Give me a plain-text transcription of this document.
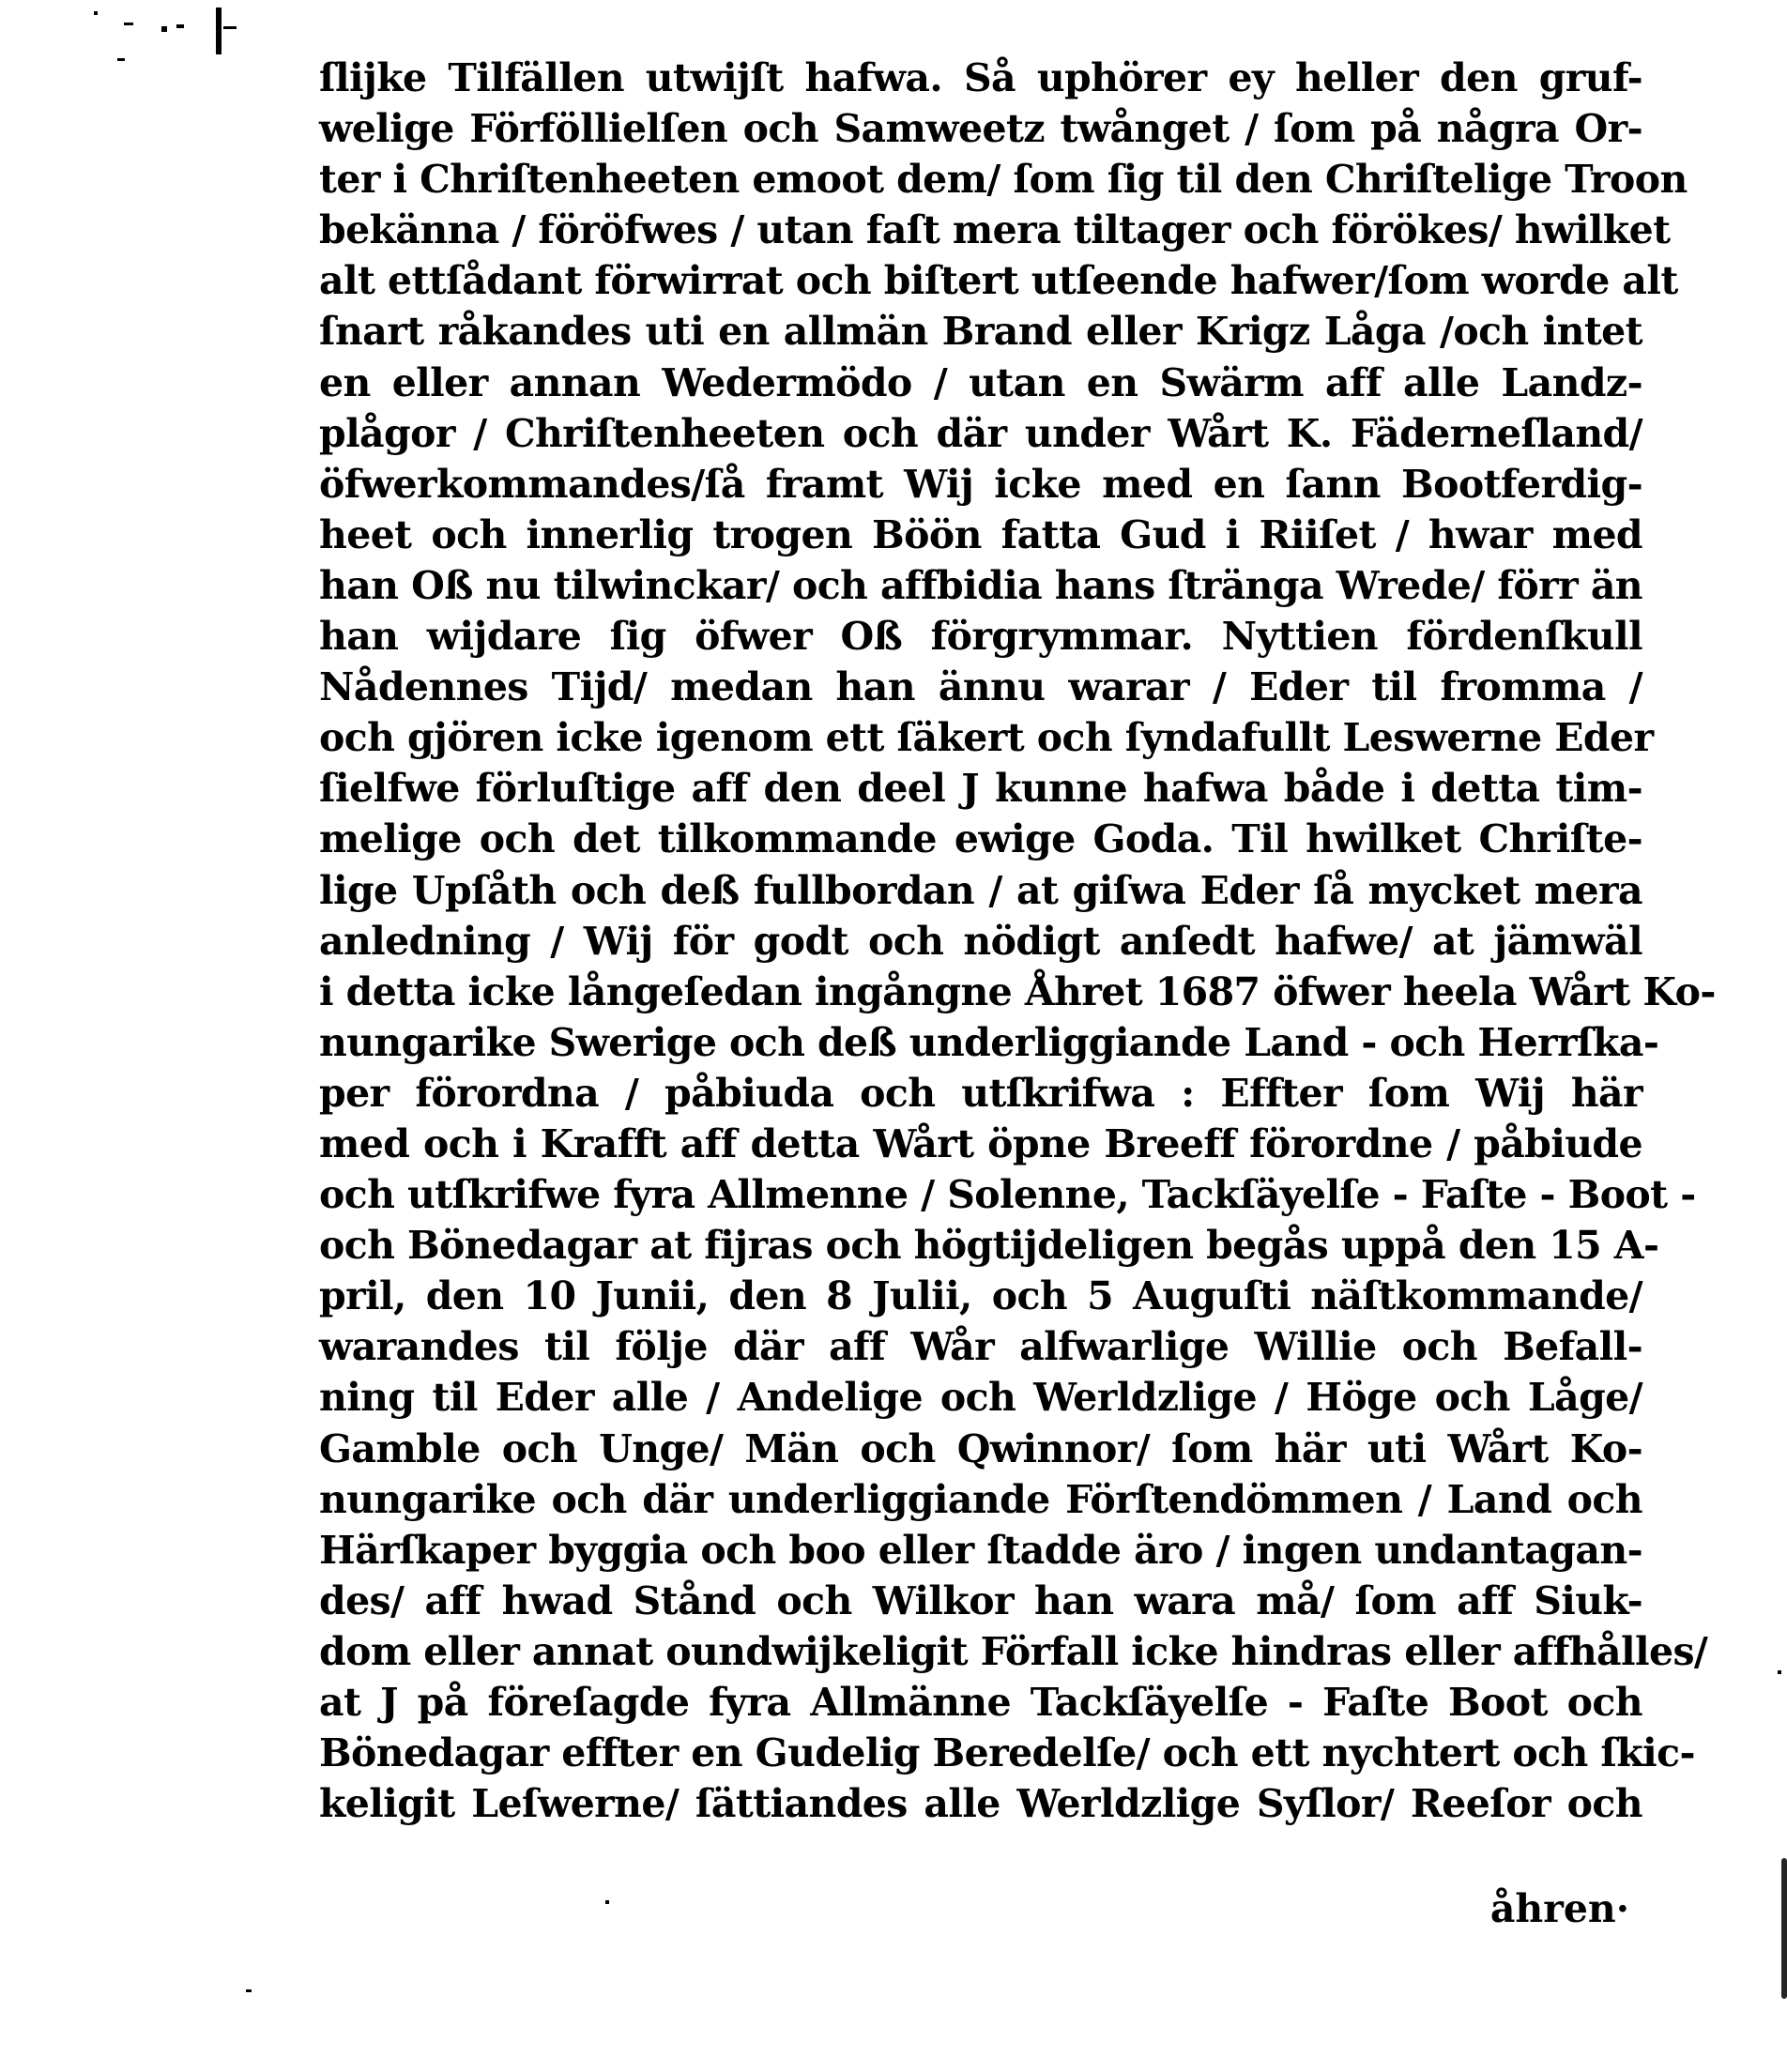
ſlijke Tilfällen utwijſt hafwa. Så uphörer ey heller den gruf-
welige Förföllielſen och Samweetz twånget / ſom på några Or-
ter i Chriſtenheeten emoot dem/ ſom ſig til den Chriſtelige Troon
bekänna / föröfwes / utan faſt mera tiltager och förökes/ hwilket
alt ettſådant förwirrat och biſtert utſeende hafwer/ſom worde alt
ſnart råkandes uti en allmän Brand eller Krigz Låga /och intet
en eller annan Wedermödo / utan en Swärm aff alle Landz-
plågor / Chriſtenheeten och där under Wårt K. Fäderneſland/
öfwerkommandes/ſå framt Wij icke med en ſann Bootferdig-
heet och innerlig trogen Böön fatta Gud i Riiſet / hwar med
han Oß nu tilwinckar/ och affbidia hans ſtränga Wrede/ förr än
han wijdare ſig öfwer Oß förgrymmar. Nyttien fördenſkull
Nådennes Tijd/ medan han ännu warar / Eder til fromma /
och gjören icke igenom ett ſäkert och ſyndafullt Leswerne Eder
ſielfwe förluſtige aff den deel J kunne hafwa både i detta tim-
melige och det tilkommande ewige Goda. Til hwilket Chriſte-
lige Upſåth och deß fullbordan / at giſwa Eder ſå mycket mera
anledning / Wij för godt och nödigt anſedt hafwe/ at jämwäl
i detta icke långeſedan ingångne Åhret 1687 öfwer heela Wårt Ko-
nungarike Swerige och deß underliggiande Land - och Herrſka-
per förordna / påbiuda och utſkrifwa : Effter ſom Wij här
med och i Krafft aff detta Wårt öpne Breeff förordne / påbiude
och utſkrifwe fyra Allmenne / Solenne, Tackſäyelſe - Faſte - Boot -
och Bönedagar at fijras och högtijdeligen begås uppå den 15 A-
pril, den 10 Junii, den 8 Julii, och 5 Auguſti näſtkommande/
warandes til följe där aff Wår alfwarlige Willie och Befall-
ning til Eder alle / Andelige och Werldzlige / Höge och Låge/
Gamble och Unge/ Män och Qwinnor/ ſom här uti Wårt Ko-
nungarike och där underliggiande Förſtendömmen / Land och
Härſkaper byggia och boo eller ſtadde äro / ingen undantagan-
des/ aff hwad Stånd och Wilkor han wara må/ ſom aff Siuk-
dom eller annat oundwijkeligit Förfall icke hindras eller affhålles/
at J på föreſagde fyra Allmänne Tackſäyelſe - Faſte Boot och
Bönedagar effter en Gudelig Beredelſe/ och ett nychtert och ſkic-
keligit Leſwerne/ ſättiandes alle Werldzlige Syſlor/ Reeſor och
åhren·
